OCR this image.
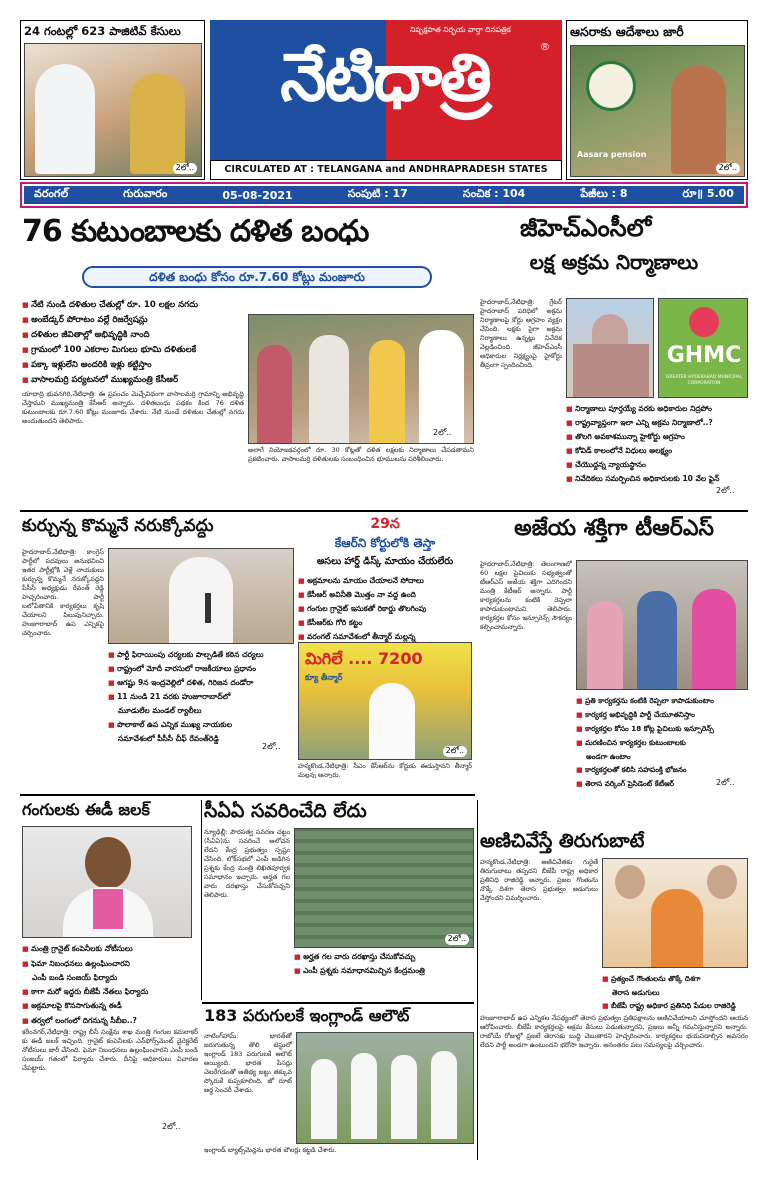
24 గంటల్లో 623 పాజిటివ్ కేసులు
2లో..
నిష్పక్షపాత నిర్భయ వార్తా దినపత్రిక
నేటిధాత్రి	®
CIRCULATED AT : TELANGANA and ANDHRAPRADESH STATES
ఆసరాకు ఆదేశాలు జారీ
Aasara pension
2లో..
వరంగల్	గురువారం	05-08-2021	సంపుటి : 17	సంచిక : 104	పేజీలు : 8	రూ॥ 5.00
76 కుటుంబాలకు దళిత బంధు
దళిత బంధు కోసం రూ.7.60 కోట్లు మంజూరు
■ నేటి నుండి దళితుల చేతుల్లో రూ. 10 లక్షల నగదు
■ అంబేడ్కర్ పోరాటం వల్లే రిజర్వేషన్లు
■ దళితుల జీవితాల్లో అభివృద్ధికి నాంది
■ గ్రామంలో 100 ఎకరాల మిగులు భూమి దళితులకే
■ పక్కా ఇళ్లులేని అందరికి ఇళ్లు కట్టిస్తాం
■ వాసాలమర్రి పర్యటనలో ముఖ్యమంత్రి కేసీఆర్
యాదాద్రి భువనగిరి,నేటిధాత్రి: ఈ ప్రపంచం మెచ్చేవిధంగా వాసాలమర్రి గ్రామాన్ని అభివృద్ధి చేస్తామని ముఖ్యమంత్రి కేసీఆర్ అన్నారు. దళితబంధు పథకం కింద 76 దళిత కుటుంబాలకు రూ.7.60 కోట్లు మంజూరు చేశారు. నేటి నుండే దళితుల చేతుల్లో నగదు అందుతుందని తెలిపారు.
అలాగే నియోజకవర్గంలో రూ. 30 కోట్లతో దళిత లక్షలకు నిర్మాణాలు చేపడతామని ప్రకటించారు. వాసాలమర్రి దళితులకు సంబంధించిన భూములను పరిశీలించారు.
2లో..
జీహెచ్ఎంసీలో
లక్ష అక్రమ నిర్మాణాలు
హైదరాబాద్,నేటిధాత్రి: గ్రేటర్ హైదరాబాద్ పరిధిలో అక్రమ నిర్మాణాలపై కోర్టు ఆగ్రహం వ్యక్తం చేసింది. లక్షకు పైగా అక్రమ నిర్మాణాలు ఉన్నట్లు నివేదిక వెల్లడించింది. జీహెచ్ఎంసీ అధికారుల నిర్లక్ష్యంపై హైకోర్టు తీవ్రంగా స్పందించింది.	GHMC
GREATER HYDERABAD MUNICIPAL CORPORATION
■ నిర్మాణాలు పూర్తయ్యే వరకు అధికారుల నిద్రపోం
■ రాష్ట్రవ్యాప్తంగా ఇలా ఎన్ని అక్రమ నిర్మాణాలో..?
■ తొలగి అవకాశమున్నా హైకోర్టు ఆగ్రహం
■ కోవిడ్ కాలంలోనే విధులు అలక్ష్యం
■ చేయొద్దన్న న్యాయస్థానం
■ నివేదికలు సమర్పించిన అధికారులకు 10 వేల ఫైన్
2లో..
కుర్చున్న కొమ్మనే నరుక్కోవద్దు
హైదరాబాద్,నేటిధాత్రి: కాంగ్రెస్ పార్టీలో పదవులు అనుభవించి ఇతర పార్టీల్లోకి వెళ్లే నాయకులు కుర్చున్న కొమ్మనే నరుక్కోవద్దని పీసీసీ అధ్యక్షుడు రేవంత్ రెడ్డి హెచ్చరించారు. పార్టీ బలోపేతానికి కార్యకర్తలు కృషి చేయాలని పిలుపునిచ్చారు. హుజూరాబాద్ ఉప ఎన్నికపై చర్చించారు.
■ పార్టీ ఫిరాయింపు చర్యలకు పాల్పడితే కఠిన చర్యలు
■ రాష్ట్రంలో మోదీ వారసులో రాజకీయాలు ప్రధానం
■ ఆగష్టు 9న ఇంద్రవెల్లిలో దళిత, గిరిజన దండోరా
■ 11 నుండి 21 వరకు హుజూరాబాద్‌లో
మూడులేల మండల్‌ ర్యాలీలు
■ పొలాకాల్ ఉప ఎన్నిక ముఖ్య నాయకుల
సమావేశంలో పీసీసీ చీఫ్ రేవంత్‌రెడ్డి
2లో..
29న
కేఆర్‌ని కోర్టులోకి తెస్తా
అసలు హార్డ్ డిస్క్ మాయం చేయలేరు
■ అక్రమాలను మాయం చేయాలనే సోదాలు
■ కేసీఆర్ అవినీతి మొత్తం నా వద్ద ఉంది
■ గంగుల గ్రానైట్ ఇసుకతో రికార్డు తొలగింపు
■ కేసీఆర్‌కు గోరి కట్టం
■ వరంగల్ సమావేశంలో తీన్మార్ మల్లన్న
మిగిలే .... 7200
క్యూ తీన్మార్
2లో..
హన్మకొండ,నేటిధాత్రి: సీఎం కేసీఆర్‌ను కోర్టుకు ఈడుస్తానని తీన్మార్ మల్లన్న అన్నారు.
అజేయ శక్తిగా టీఆర్ఎస్
హైదరాబాద్,నేటిధాత్రి: తెలంగాణలో 60 లక్షల పైచిలుకు సభ్యత్వంతో టీఆర్ఎస్ అజేయ శక్తిగా ఎదిగిందని మంత్రి కేటీఆర్ అన్నారు. పార్టీ కార్యకర్తలను కంటికి రెప్పలా కాపాడుకుంటామని తెలిపారు. కార్యకర్తల కోసం ఇన్సూరెన్స్ సౌకర్యం కల్పించామన్నారు.
■ ప్రతి కార్యకర్తను కంటికి రెప్పలా కాపాడుకుంటాం
■ కార్యకర్త అభివృద్ధికి పార్టీ చేయూతనిస్తాం
■ కార్యకర్తల కోసం 18 కోట్ల పైచిలుకు ఇన్సూరెన్స్
■ మరణించిన కార్యకర్తల కుటుంబాలకు
అండగా ఉంటాం
■ కార్యకర్తలతో కలిసి సహపంక్తి భోజనం
■ తెరాస వర్కింగ్ ప్రెసిడెంట్ కేటీఆర్	2లో..
గంగులకు ఈడీ జలక్
■ మంత్రి గ్రానైట్ కంపెనీలకు నోటీసులు
■ ఫెమా నిబంధనలు ఉల్లంఘించారని
ఎంపీ బండి సంజయ్ ఫిర్యాదు
■ కాగా మరో ఇద్దరు బీజేపీ నేతలు ఫిర్యాదు
■ అక్రమాలపై కొనసాగుతున్న ఈడీ
■ తర్వలో లంగంలో దిగనున్న సీబీఐ..?
కరీంనగర్,నేటిధాత్రి: రాష్ట్ర బీసీ సంక్షేమ శాఖ మంత్రి గంగుల కమలాకర్ కు ఈడీ జలక్ ఇచ్చింది. గ్రానైట్ కంపెనీలకు ఎన్‌ఫోర్స్‌మెంట్ డైరెక్టరేట్ నోటీసులు జారీ చేసింది. ఫెమా నిబంధనలు ఉల్లంఘించారని ఎంపీ బండి సంజయ్ గతంలో ఫిర్యాదు చేశారు. దీనిపై అధికారులు విచారణ చేపట్టారు.
2లో..
సీఏఏ సవరించేది లేదు
న్యూఢిల్లీ: పౌరసత్వ సవరణ చట్టం (సీఏఏ)ను సవరించే ఆలోచన లేదని కేంద్ర ప్రభుత్వం స్పష్టం చేసింది. లోక్‌సభలో ఎంపీ అడిగిన ప్రశ్నకు కేంద్ర మంత్రి లిఖితపూర్వక సమాధానం ఇచ్చారు. అర్హత గల వారు దరఖాస్తు చేసుకోవచ్చని తెలిపారు.
2లో..
■ అర్హత గల వారు దరఖాస్తు చేసుకోవచ్చు
■ ఎంపీ ప్రశ్నకు సమాధానమిచ్చిన కేంద్రమంత్రి
183 పరుగులకే ఇంగ్లాండ్ ఆలౌట్
నాటింగ్‌హామ్: భారత్‌తో జరుగుతున్న తొలి టెస్టులో ఇంగ్లాండ్ 183 పరుగులకే ఆలౌట్ అయ్యింది. భారత పేసర్లు చెలరేగడంతో ఆతిథ్య జట్టు తక్కువ స్కోరుకే కుప్పకూలింది. జో రూట్ అర్ధ సెంచరీ చేశాడు.
ఇంగ్లాండ్ బ్యాట్స్‌మెన్లను భారత బౌలర్లు కట్టడి చేశారు.
అణిచివేస్తే తిరుగుబాటే
హన్మకొండ,నేటిధాత్రి: అణిచివేతకు గురైతే తిరుగుబాటు తప్పదని బీజేపీ రాష్ట్ర అధికార ప్రతినిధి రాజిరెడ్డి అన్నారు. ప్రజల గొంతును నొక్కే దిశగా తెరాస ప్రభుత్వం అడుగులు వేస్తోందని విమర్శించారు.
■ ప్రత్యంచే గౌంతులను తొక్కే దిశగా
తెరాస అడుగులు
■ బీజేపీ రాష్ట్ర అధికార ప్రతినిధి పేడుల రాజిరెడ్డి
హుజూరాబాద్ ఉప ఎన్నికల నేపథ్యంలో తెరాస ప్రభుత్వం ప్రతిపక్షాలను అణిచివేయాలని చూస్తోందని ఆయన ఆరోపించారు. బీజేపీ కార్యకర్తలపై అక్రమ కేసులు పెడుతున్నారని, ప్రజలు అన్నీ గమనిస్తున్నారని అన్నారు. రాబోయే రోజుల్లో ప్రజలే తెరాసకు బుద్ధి చెబుతారని హెచ్చరించారు. కార్యకర్తలు భయపడాల్సిన అవసరం లేదని పార్టీ అండగా ఉంటుందని భరోసా ఇచ్చారు. అనంతరం పలు సమస్యలపై చర్చించారు.
